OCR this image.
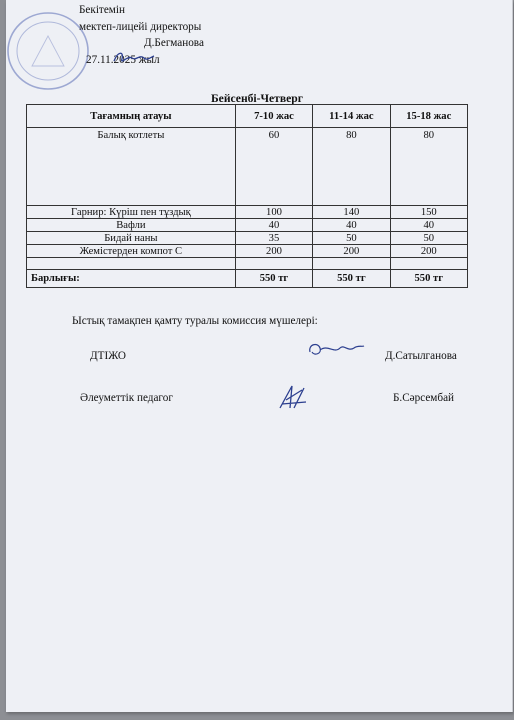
Бекітемін
мектеп-лицейі директоры
Д.Бегманова
27.11.2025 жыл
Бейсенбі-Четверг
Тағамның атауы	7-10 жас	11-14 жас	15-18 жас
Балық котлеты	60	80	80
Гарнир: Күріш пен тұздық	100	140	150
Вафли	40	40	40
Бидай наны	35	50	50
Жемістерден компот С	200	200	200

Барлығы:	550 тг	550 тг	550 тг
Ыстық тамақпен қамту туралы комиссия мүшелері:
ДТІЖО	Д.Сатылганова
Әлеуметтік педагог	Б.Сәрсембай
